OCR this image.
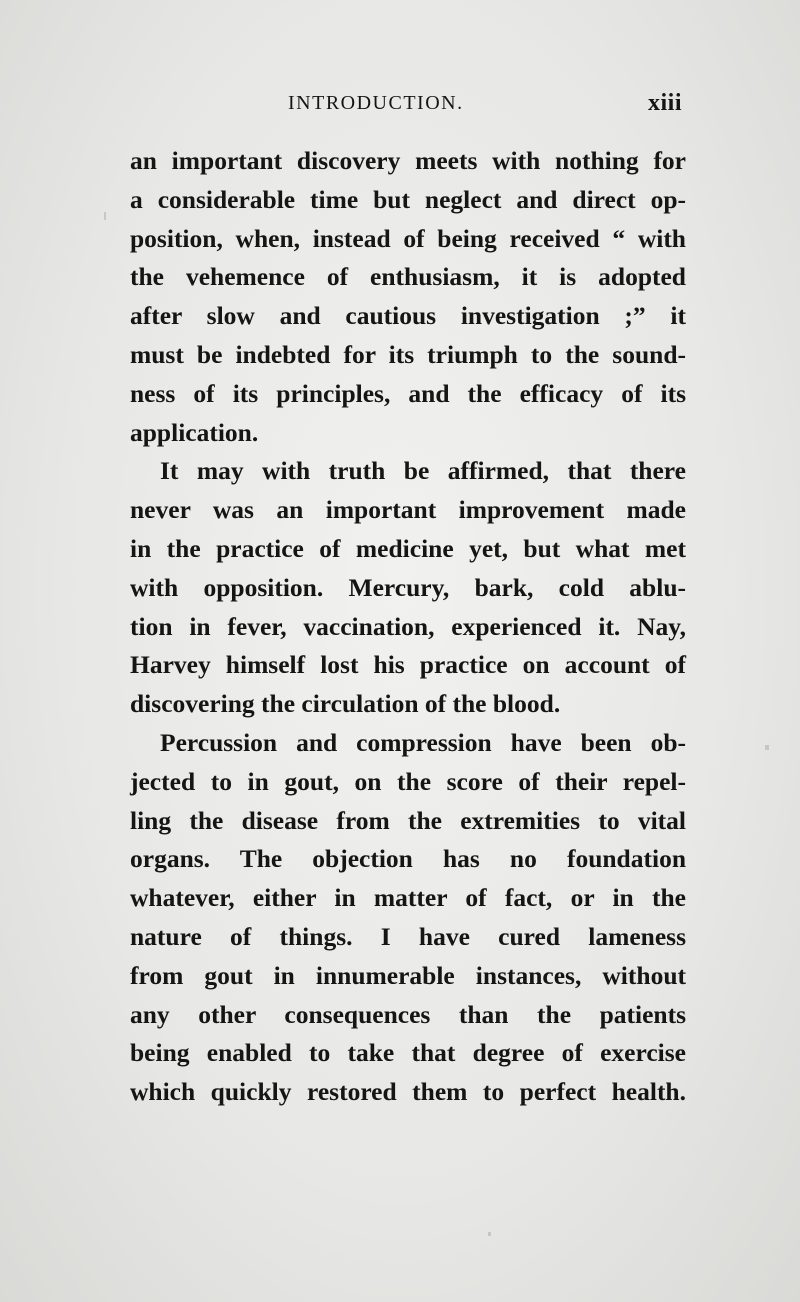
INTRODUCTION.	xiii
an important discovery meets with nothing for
a considerable time but neglect and direct op-
position, when, instead of being received “ with
the vehemence of enthusiasm, it is adopted
after slow and cautious investigation ;” it
must be indebted for its triumph to the sound-
ness of its principles, and the efficacy of its
application.
It may with truth be affirmed, that there
never was an important improvement made
in the practice of medicine yet, but what met
with opposition. Mercury, bark, cold ablu-
tion in fever, vaccination, experienced it. Nay,
Harvey himself lost his practice on account of
discovering the circulation of the blood.
Percussion and compression have been ob-
jected to in gout, on the score of their repel-
ling the disease from the extremities to vital
organs. The objection has no foundation
whatever, either in matter of fact, or in the
nature of things. I have cured lameness
from gout in innumerable instances, without
any other consequences than the patients
being enabled to take that degree of exercise
which quickly restored them to perfect health.
